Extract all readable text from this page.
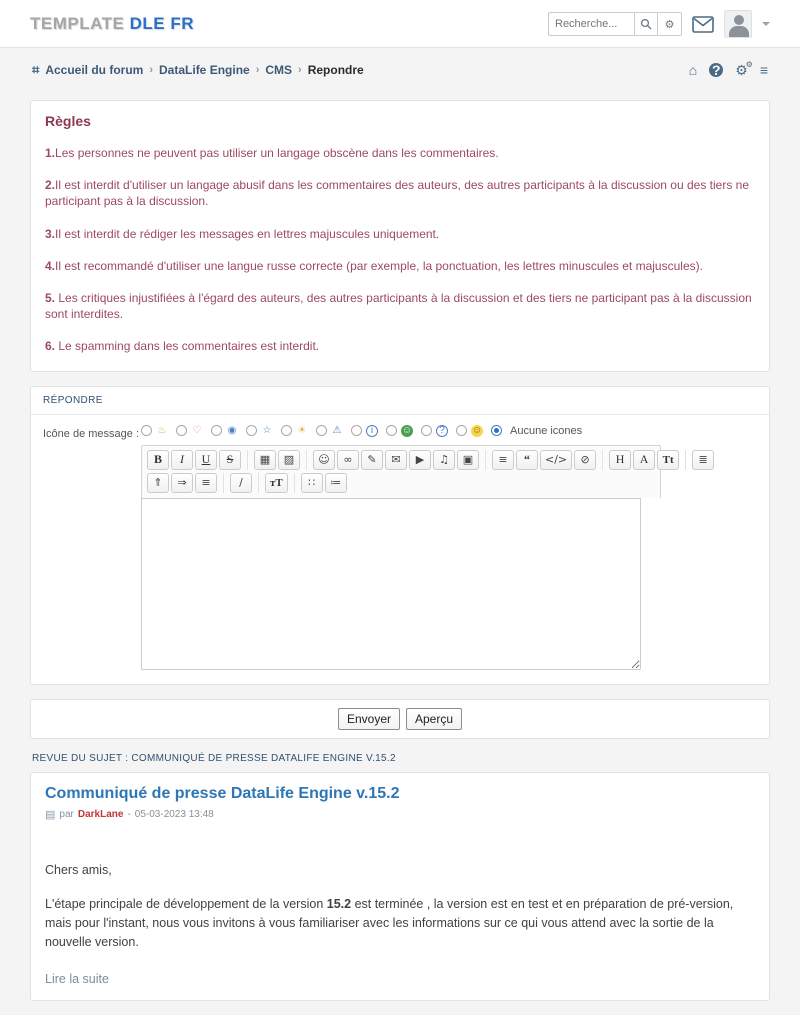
TEMPLATE DLE FR
Recherche...	⚙
⌗ Accueil du forum › DataLife Engine › CMS › Repondre	⌂ ? ⚙
⚙ ≡
Règles
1.Les personnes ne peuvent pas utiliser un langage obscène dans les commentaires.
2.Il est interdit d'utiliser un langage abusif dans les commentaires des auteurs, des autres participants à la discussion ou des tiers ne participant pas à la discussion.
3.Il est interdit de rédiger les messages en lettres majuscules uniquement.
4.Il est recommandé d'utiliser une langue russe correcte (par exemple, la ponctuation, les lettres minuscules et majuscules).
5. Les critiques injustifiées à l'égard des auteurs, des autres participants à la discussion et des tiers ne participant pas à la discussion sont interdites.
6. Le spamming dans les commentaires est interdit.
RÉPONDRE
Icône de message : ♨	♡	◉	☆	☀	⚠	i	☺	?	☺	Aucune icones
B	I	U	S	▦	▨	☺	∞	✎	✉	▶	♫	▣	≡	“	</>	⊘	H	A	Tt	≣
⇑	⇒	≡	/	тT	∷	≔
Envoyer	Aperçu
REVUE DU SUJET : COMMUNIQUÉ DE PRESSE DATALIFE ENGINE V.15.2
Communiqué de presse DataLife Engine v.15.2
▤ par DarkLane - 05-03-2023 13:48
Chers amis,
L'étape principale de développement de la version 15.2 est terminée , la version est en test et en préparation de pré-version, mais pour l'instant, nous vous invitons à vous familiariser avec les informations sur ce qui vous attend avec la sortie de la nouvelle version.
Lire la suite
